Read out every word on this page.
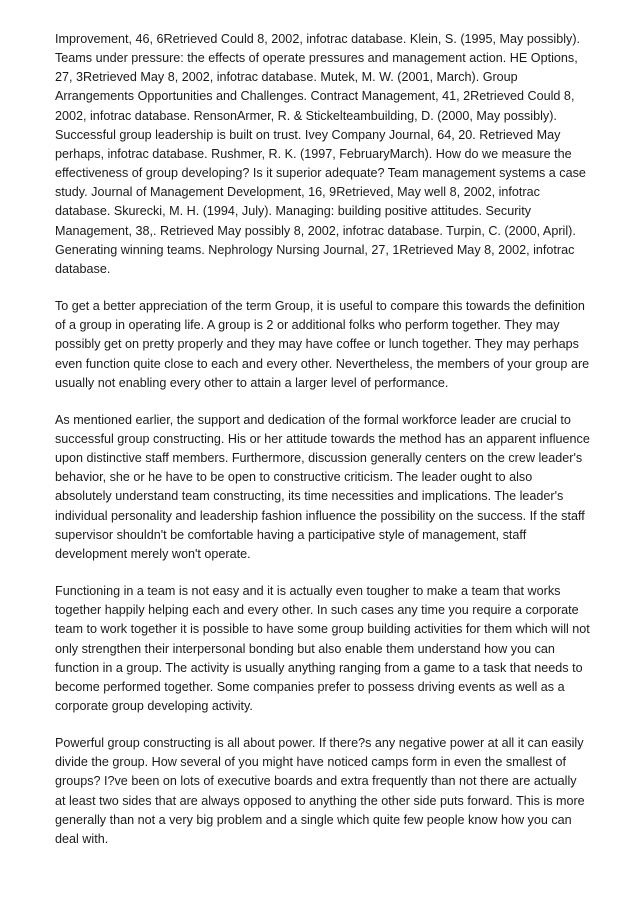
Improvement, 46, 6Retrieved Could 8, 2002, infotrac database. Klein, S. (1995, May possibly). Teams under pressure: the effects of operate pressures and management action. HE Options, 27, 3Retrieved May 8, 2002, infotrac database. Mutek, M. W. (2001, March). Group Arrangements Opportunities and Challenges. Contract Management, 41, 2Retrieved Could 8, 2002, infotrac database. RensonArmer, R. & Stickelteambuilding, D. (2000, May possibly). Successful group leadership is built on trust. Ivey Company Journal, 64, 20. Retrieved May perhaps, infotrac database. Rushmer, R. K. (1997, FebruaryMarch). How do we measure the effectiveness of group developing? Is it superior adequate? Team management systems a case study. Journal of Management Development, 16, 9Retrieved, May well 8, 2002, infotrac database. Skurecki, M. H. (1994, July). Managing: building positive attitudes. Security Management, 38,. Retrieved May possibly 8, 2002, infotrac database. Turpin, C. (2000, April). Generating winning teams. Nephrology Nursing Journal, 27, 1Retrieved May 8, 2002, infotrac database.

To get a better appreciation of the term Group, it is useful to compare this towards the definition of a group in operating life. A group is 2 or additional folks who perform together. They may possibly get on pretty properly and they may have coffee or lunch together. They may perhaps even function quite close to each and every other. Nevertheless, the members of your group are usually not enabling every other to attain a larger level of performance.

As mentioned earlier, the support and dedication of the formal workforce leader are crucial to successful group constructing. His or her attitude towards the method has an apparent influence upon distinctive staff members. Furthermore, discussion generally centers on the crew leader's behavior, she or he have to be open to constructive criticism. The leader ought to also absolutely understand team constructing, its time necessities and implications. The leader's individual personality and leadership fashion influence the possibility on the success. If the staff supervisor shouldn't be comfortable having a participative style of management, staff development merely won't operate.

Functioning in a team is not easy and it is actually even tougher to make a team that works together happily helping each and every other. In such cases any time you require a corporate team to work together it is possible to have some group building activities for them which will not only strengthen their interpersonal bonding but also enable them understand how you can function in a group. The activity is usually anything ranging from a game to a task that needs to become performed together. Some companies prefer to possess driving events as well as a corporate group developing activity.

Powerful group constructing is all about power. If there?s any negative power at all it can easily divide the group. How several of you might have noticed camps form in even the smallest of groups? I?ve been on lots of executive boards and extra frequently than not there are actually at least two sides that are always opposed to anything the other side puts forward. This is more generally than not a very big problem and a single which quite few people know how you can deal with.
